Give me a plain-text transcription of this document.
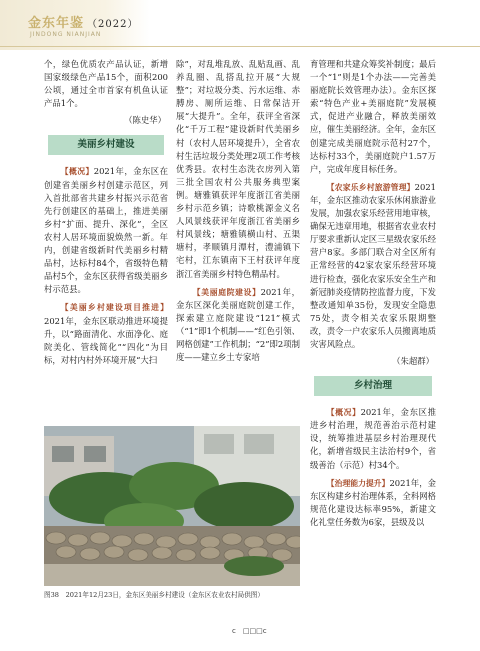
金东年鉴 （2022）
JINDONG NIANJIAN

个，绿色优质农产品认证，新增国家级绿色产品15个，面积200公顷，通过全市首家有机鱼认证产品1个。

（陈史华）
美丽乡村建设

【概况】2021年，金东区在创建省美丽乡村创建示范区，列入首批部省共建乡村振兴示范省先行创建区的基础上，推进美丽乡村“扩面、提升、深化”，全区农村人居环境面貌焕然一新。年内，创建省级新时代美丽乡村精品村，达标村84个，省级特色精品村5个，金东区获得省级美丽乡村示范县。

【美丽乡村建设项目推进】2021年，金东区联动推进环境提升，以“路面清化、水面净化、庭院美化、管线简化”“四化”为目标，对村内村外环境开展“大扫

除”，对乱堆乱放、乱贴乱画、乱养乱圈、乱搭乱拉开展“大规整”；对垃圾分类、污水运维、赤膊房、厕所运维、日常保洁开展“大提升”。全年，获评全省深化“千万工程”建设新时代美丽乡村（农村人居环境提升），全省农村生活垃圾分类处理2项工作考核优秀县。农村生态洗衣房列入第三批全国农村公共服务典型案例。塘雅镇获评年度浙江省美丽乡村示范乡镇；诗歌桃源金义名人风景线获评年度浙江省美丽乡村风景线；塘雅镇横山村、五渠塘村，孝顺镇月潭村，澧浦镇下宅村，江东镇南下王村获评年度浙江省美丽乡村特色精品村。

【美丽庭院建设】2021年，金东区深化美丽庭院创建工作，探索建立庭院建设“121”模式（“1”即1个机制——“红色引领、网格创建”工作机制；“2”即2项制度——建立乡土专家培

育管理和共建众筹奖补制度；最后一个“1”则是1个办法——完善美丽庭院长效管理办法）。金东区探索“特色产业+美丽庭院”发展模式，促进产业融合，释放美丽效应，催生美丽经济。全年，金东区创建完成美丽庭院示范村27个，达标村33个，美丽庭院户1.57万户，完成年度目标任务。

【农家乐乡村旅游管理】2021年，金东区推动农家乐休闲旅游业发展，加强农家乐经营用地审核，确保无违章用地，根据省农业农村厅要求重新认定区三星级农家乐经营户8家。多部门联合对全区所有正常经营的42家农家乐经营环境进行检查，强化农家乐安全生产和新冠肺炎疫情防控监督力度，下发整改通知单35份，发现安全隐患75处，责令相关农家乐限期整改，责令一户农家乐人员搬离地质灾害风险点。

（朱超群）
乡村治理

【概况】2021年，金东区推进乡村治理，规范善治示范村建设，统筹推进基层乡村治理现代化，新增省级民主法治村9个，省级善治（示范）村34个。

【治理能力提升】2021年，金东区构建乡村治理体系，全科网格规范化建设达标率95%，新建文化礼堂任务数为6家，县级及以

图38　2021年12月23日，金东区美丽乡村建设（金东区农业农村局供图）
c　□□□c
